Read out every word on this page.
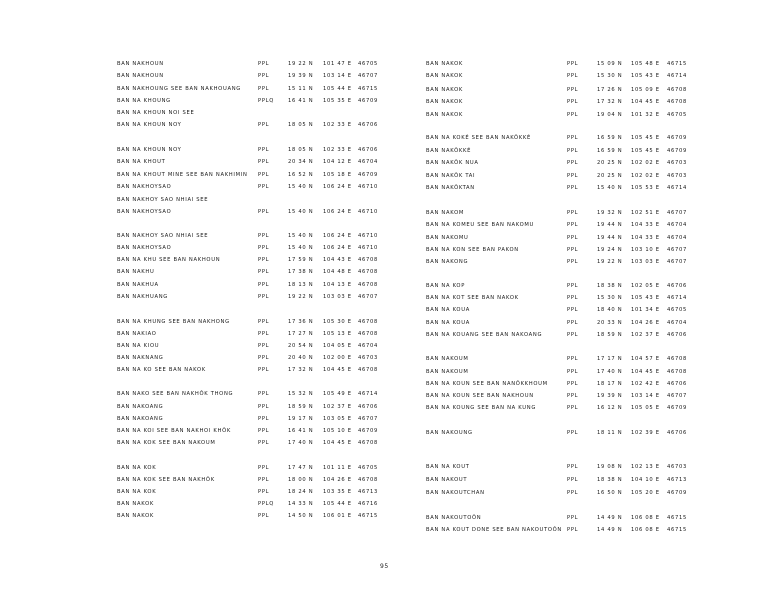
BAN NAKHOUN	PPL	19 22 N 101 47 E 46705
BAN NAKHOUN	PPL	19 39 N 103 14 E 46707
BAN NAKHOUNG SEE BAN NAKHOUANG	PPL	15 11 N 105 44 E 46715
BAN NA KHOUNG	PPLQ	16 41 N 105 35 E 46709
BAN NA KHOUN NOI SEE
BAN NA KHOUN NOY	PPL	18 05 N 102 33 E 46706
BAN NA KHOUN NOY	PPL	18 05 N 102 33 E 46706
BAN NA KHOUT	PPL	20 34 N 104 12 E 46704
BAN NA KHOUT MINE SEE BAN NAKHIMIN PPL	16 52 N 105 18 E 46709
BAN NAKHOYSAO	PPL	15 40 N 106 24 E 46710
BAN NAKHOY SAO NHIAI SEE
BAN NAKHOYSAO	PPL	15 40 N 106 24 E 46710
BAN NAKHOY SAO NHIAI SEE	PPL	15 40 N 106 24 E 46710
BAN NAKHOYSAO	PPL	15 40 N 106 24 E 46710
BAN NA KHU SEE BAN NAKHOUN	PPL	17 59 N 104 43 E 46708
BAN NAKHU	PPL	17 38 N 104 48 E 46708
BAN NAKHUA	PPL	18 13 N 104 13 E 46708
BAN NAKHUANG	PPL	19 22 N 103 03 E 46707
BAN NA KHUNG SEE BAN NAKHONG	PPL	17 36 N 105 30 E 46708
BAN NAKIAO	PPL	17 27 N 105 13 E 46708
BAN NA KIOU	PPL	20 54 N 104 05 E 46704
BAN NAKNANG	PPL	20 40 N 102 00 E 46703
BAN NA KO SEE BAN NAKOK	PPL	17 32 N 104 45 E 46708
BAN NAKO SEE BAN NAKHÔK THONG	PPL	15 32 N 105 49 E 46714
BAN NAKOANG	PPL	18 59 N 102 37 E 46706
BAN NAKOANG	PPL	19 17 N 103 05 E 46707
BAN NA KOI SEE BAN NAKHOI KHÔK	PPL	16 41 N 105 10 E 46709
BAN NA KOK SEE BAN NAKOUM	PPL	17 40 N 104 45 E 46708
BAN NA KOK	PPL	17 47 N 101 11 E 46705
BAN NA KOK SEE BAN NAKHÔK	PPL	18 00 N 104 26 E 46708
BAN NA KOK	PPL	18 24 N 103 35 E 46713
BAN NAKOK	PPLQ	14 33 N 105 44 E 46716
BAN NAKOK	PPL	14 50 N 106 01 E 46715
BAN NAKOK	PPL	15 09 N 105 48 E 46715
BAN NAKOK	PPL	15 30 N 105 43 E 46714
BAN NAKOK	PPL	17 26 N 105 09 E 46708
BAN NAKOK	PPL	17 32 N 104 45 E 46708
BAN NAKOK	PPL	19 04 N 101 32 E 46705
BAN NA KOKÉ SEE BAN NAKÔKKÉ	PPL	16 59 N 105 45 E 46709
BAN NAKÔKKÉ	PPL	16 59 N 105 45 E 46709
BAN NAKÔK NUA	PPL	20 25 N 102 02 E 46703
BAN NAKÔK TAI	PPL	20 25 N 102 02 E 46703
BAN NAKÔKTAN	PPL	15 40 N 105 53 E 46714
BAN NAKOM	PPL	19 32 N 102 51 E 46707
BAN NA KOMEU SEE BAN NAKOMU	PPL	19 44 N 104 33 E 46704
BAN NAKOMU	PPL	19 44 N 104 33 E 46704
BAN NA KON SEE BAN PAKON	PPL	19 24 N 103 10 E 46707
BAN NAKONG	PPL	19 22 N 103 03 E 46707
BAN NA KOP	PPL	18 38 N 102 05 E 46706
BAN NA KOT SEE BAN NAKOK	PPL	15 30 N 105 43 E 46714
BAN NA KOUA	PPL	18 40 N 101 34 E 46705
BAN NA KOUA	PPL	20 33 N 104 26 E 46704
BAN NA KOUANG SEE BAN NAKOANG	PPL	18 59 N 102 37 E 46706
BAN NAKOUM	PPL	17 17 N 104 57 E 46708
BAN NAKOUM	PPL	17 40 N 104 45 E 46708
BAN NA KOUN SEE BAN NANÔKKHOUM	PPL	18 17 N 102 42 E 46706
BAN NA KOUN SEE BAN NAKHOUN	PPL	19 39 N 103 14 E 46707
BAN NA KOUNG SEE BAN NA KUNG	PPL	16 12 N 105 05 E 46709
BAN NAKOUNG	PPL	18 11 N 102 39 E 46706
BAN NA KOUT	PPL	19 08 N 102 13 E 46703
BAN NAKOUT	PPL	18 38 N 104 10 E 46713
BAN NAKOUTCHAN	PPL	16 50 N 105 20 E 46709
BAN NAKOUTOÔN	PPL	14 49 N 106 08 E 46715
BAN NA KOUT DONE SEE BAN NAKOUTOÔN PPL	14 49 N 106 08 E 46715
95
